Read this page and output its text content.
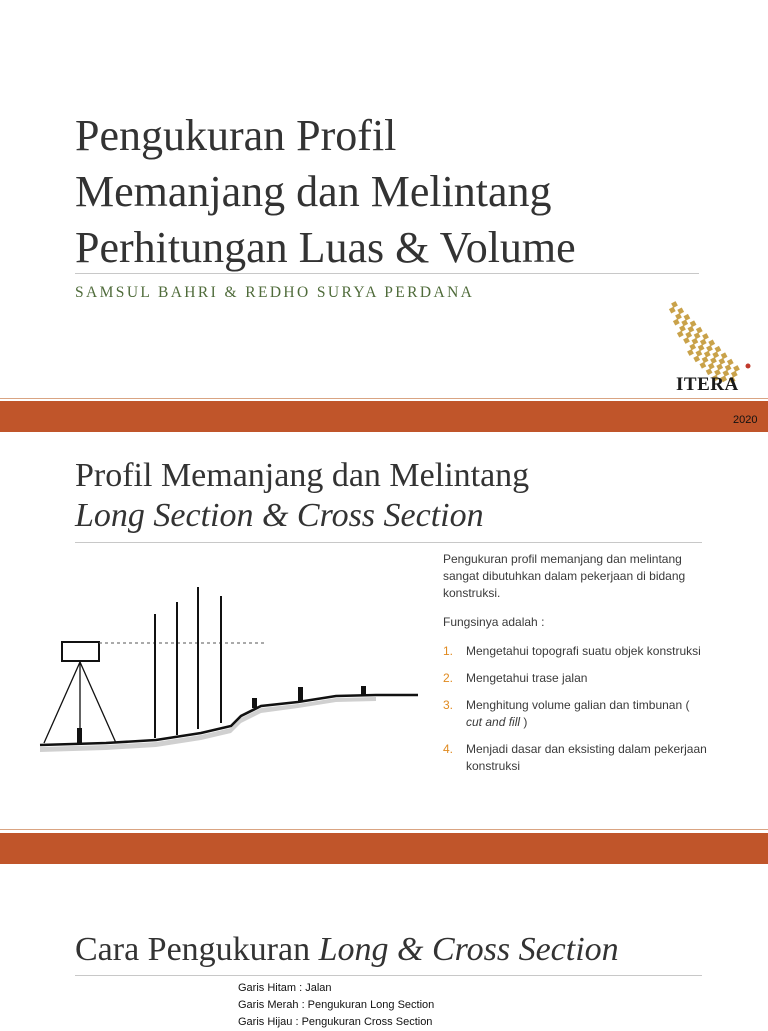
Pengukuran Profil
Memanjang dan Melintang
Perhitungan Luas & Volume

SAMSUL BAHRI & REDHO SURYA PERDANA

ITERA
2020
Profil Memanjang dan Melintang
Long Section & Cross Section

Pengukuran profil memanjang dan melintang sangat dibutuhkan dalam pekerjaan di bidang konstruksi.

Fungsinya adalah :

1. Mengetahui topografi suatu objek konstruksi
2. Mengetahui trase jalan
3. Menghitung volume galian dan timbunan ( cut and fill )
4. Menjadi dasar dan eksisting dalam pekerjaan konstruksi
Cara Pengukuran Long & Cross Section
Garis Hitam : Jalan
Garis Merah : Pengukuran Long Section
Garis Hijau : Pengukuran Cross Section
